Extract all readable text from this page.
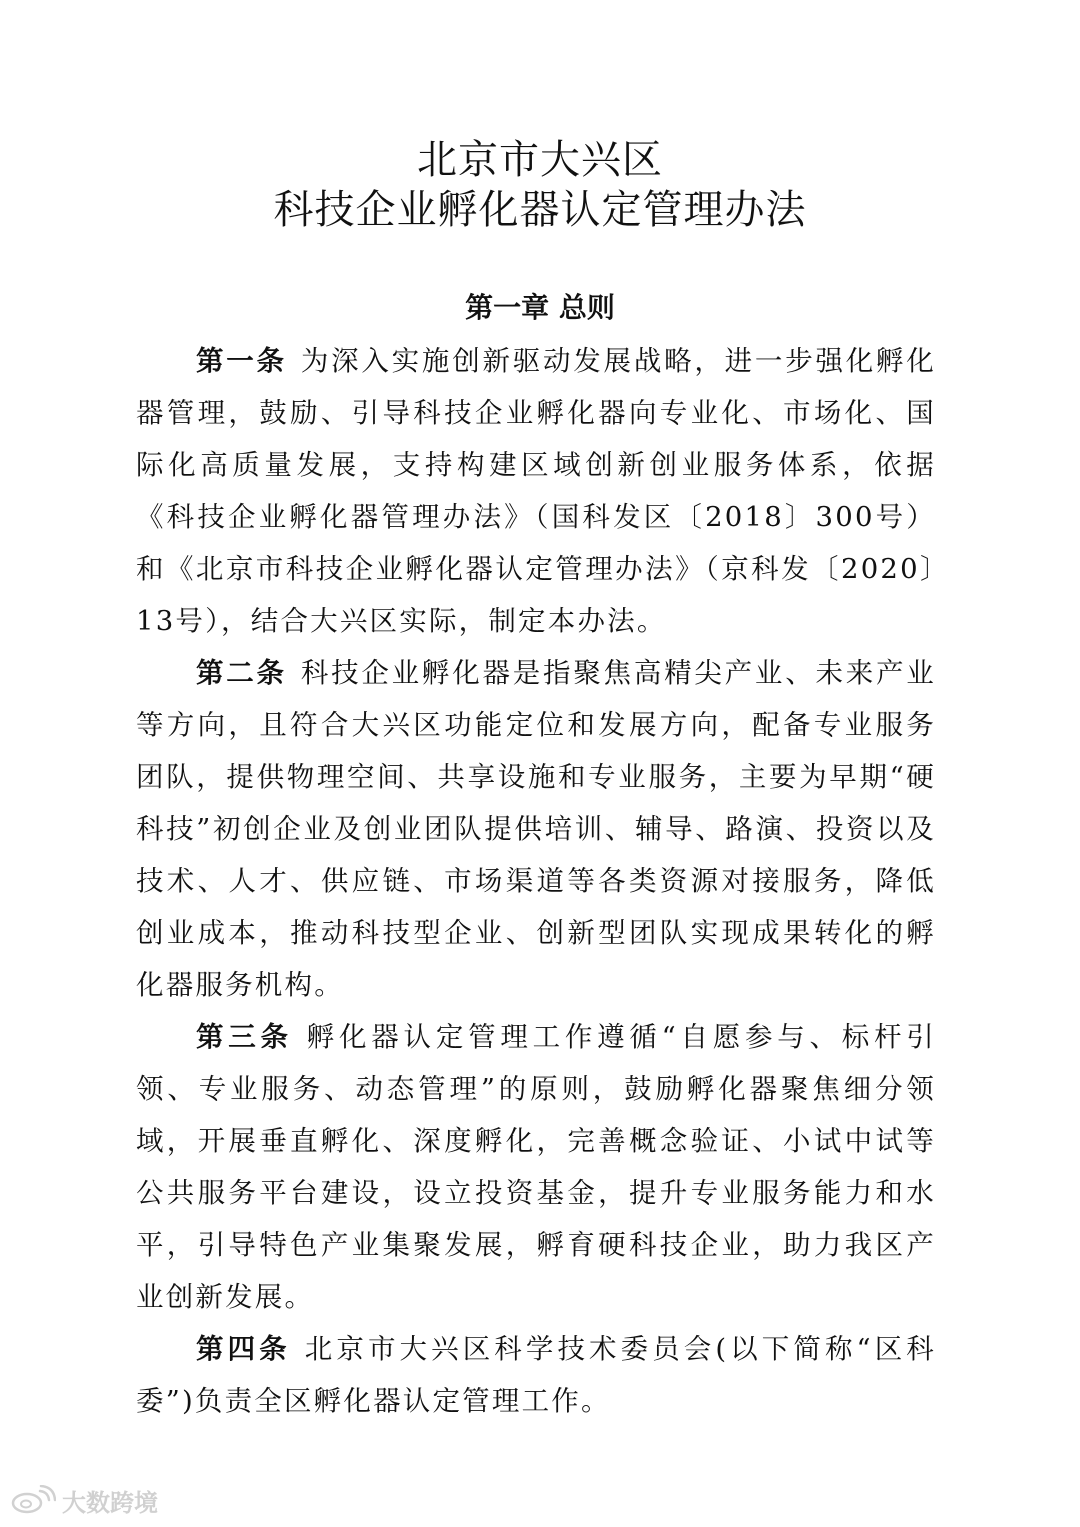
北京市大兴区
科技企业孵化器认定管理办法
第一章 总则

第一条 为深入实施创新驱动发展战略，进一步强化孵化器管理，鼓励、引导科技企业孵化器向专业化、市场化、国际化高质量发展，支持构建区域创新创业服务体系，依据《科技企业孵化器管理办法》（国科发区〔2018〕300号）和《北京市科技企业孵化器认定管理办法》（京科发〔2020〕13号），结合大兴区实际，制定本办法。

第二条 科技企业孵化器是指聚焦高精尖产业、未来产业等方向，且符合大兴区功能定位和发展方向，配备专业服务团队，提供物理空间、共享设施和专业服务，主要为早期“硬科技”初创企业及创业团队提供培训、辅导、路演、投资以及技术、人才、供应链、市场渠道等各类资源对接服务，降低创业成本，推动科技型企业、创新型团队实现成果转化的孵化器服务机构。

第三条 孵化器认定管理工作遵循“自愿参与、标杆引领、专业服务、动态管理”的原则，鼓励孵化器聚焦细分领域，开展垂直孵化、深度孵化，完善概念验证、小试中试等公共服务平台建设，设立投资基金，提升专业服务能力和水平，引导特色产业集聚发展，孵育硬科技企业，助力我区产业创新发展。

第四条 北京市大兴区科学技术委员会(以下简称“区科委”)负责全区孵化器认定管理工作。

大数跨境
